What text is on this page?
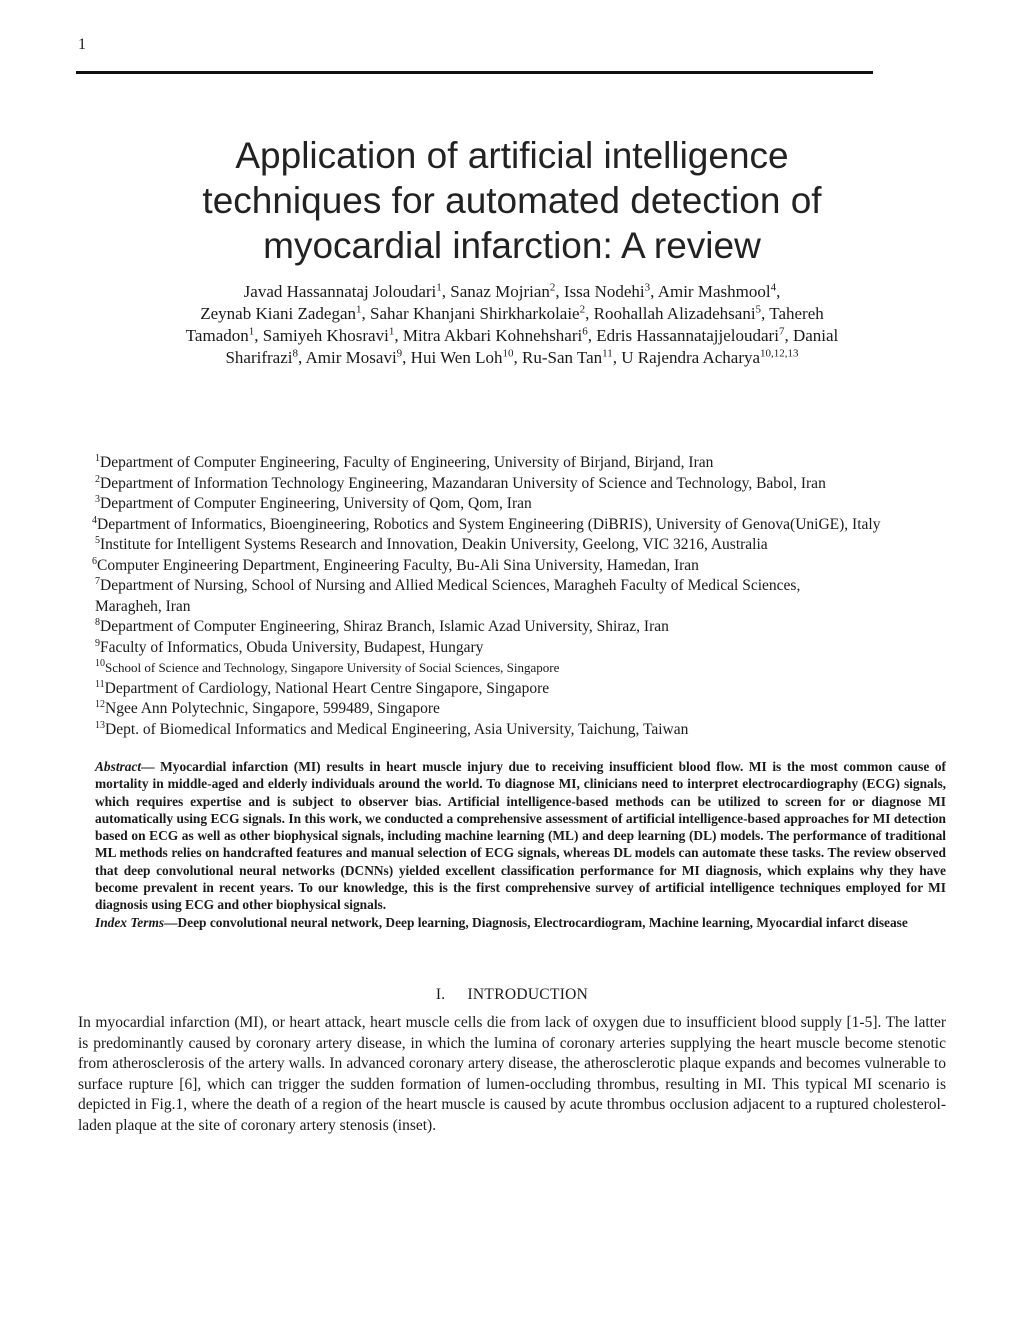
1
Application of artificial intelligence
techniques for automated detection of
myocardial infarction: A review

Javad Hassannataj Joloudari$^1$, Sanaz Mojrian$^2$, Issa Nodehi$^3$, Amir Mashmool$^4$,

Zeynab Kiani Zadegan$^1$, Sahar Khanjani Shirkharkolaie$^2$, Roohallah Alizadehsani$^5$, Tahereh

Tamadon$^1$, Samiyeh Khosravi$^1$, Mitra Akbari Kohnehshari$^6$, Edris Hassannatajjeloudari$^7$, Danial

Sharifrazi$^8$, Amir Mosavi$^9$, Hui Wen Loh$^{10}$, Ru-San Tan$^{11}$, U Rajendra Acharya$^{10,12,13}$

$^1$Department of Computer Engineering, Faculty of Engineering, University of Birjand, Birjand, Iran

$^2$Department of Information Technology Engineering, Mazandaran University of Science and Technology, Babol, Iran

$^3$Department of Computer Engineering, University of Qom, Qom, Iran

$^4$Department of Informatics, Bioengineering, Robotics and System Engineering (DiBRIS), University of Genova(UniGE), Italy

$^5$Institute for Intelligent Systems Research and Innovation, Deakin University, Geelong, VIC 3216, Australia

$^6$Computer Engineering Department, Engineering Faculty, Bu-Ali Sina University, Hamedan, Iran

$^7$Department of Nursing, School of Nursing and Allied Medical Sciences, Maragheh Faculty of Medical Sciences,

Maragheh, Iran

$^8$Department of Computer Engineering, Shiraz Branch, Islamic Azad University, Shiraz, Iran

$^9$Faculty of Informatics, Obuda University, Budapest, Hungary

$^{10}$School of Science and Technology, Singapore University of Social Sciences, Singapore

$^{11}$Department of Cardiology, National Heart Centre Singapore, Singapore

$^{12}$Ngee Ann Polytechnic, Singapore, 599489, Singapore

$^{13}$Dept. of Biomedical Informatics and Medical Engineering, Asia University, Taichung, Taiwan

Abstract— Myocardial infarction (MI) results in heart muscle injury due to receiving insufficient blood flow. MI is the most common cause of mortality in middle-aged and elderly individuals around the world. To diagnose MI, clinicians need to interpret electrocardiography (ECG) signals, which requires expertise and is subject to observer bias. Artificial intelligence-based methods can be utilized to screen for or diagnose MI automatically using ECG signals. In this work, we conducted a comprehensive assessment of artificial intelligence-based approaches for MI detection based on ECG as well as other biophysical signals, including machine learning (ML) and deep learning (DL) models. The performance of traditional ML methods relies on handcrafted features and manual selection of ECG signals, whereas DL models can automate these tasks. The review observed that deep convolutional neural networks (DCNNs) yielded excellent classification performance for MI diagnosis, which explains why they have become prevalent in recent years. To our knowledge, this is the first comprehensive survey of artificial intelligence techniques employed for MI diagnosis using ECG and other biophysical signals.

Index Terms—Deep convolutional neural network, Deep learning, Diagnosis, Electrocardiogram, Machine learning, Myocardial infarct disease

I. INTRODUCTION

In myocardial infarction (MI), or heart attack, heart muscle cells die from lack of oxygen due to insufficient blood supply [1-5]. The latter is predominantly caused by coronary artery disease, in which the lumina of coronary arteries supplying the heart muscle become stenotic from atherosclerosis of the artery walls. In advanced coronary artery disease, the atherosclerotic plaque expands and becomes vulnerable to surface rupture [6], which can trigger the sudden formation of lumen-occluding thrombus, resulting in MI. This typical MI scenario is depicted in Fig.1, where the death of a region of the heart muscle is caused by acute thrombus occlusion adjacent to a ruptured cholesterol-laden plaque at the site of coronary artery stenosis (inset).
